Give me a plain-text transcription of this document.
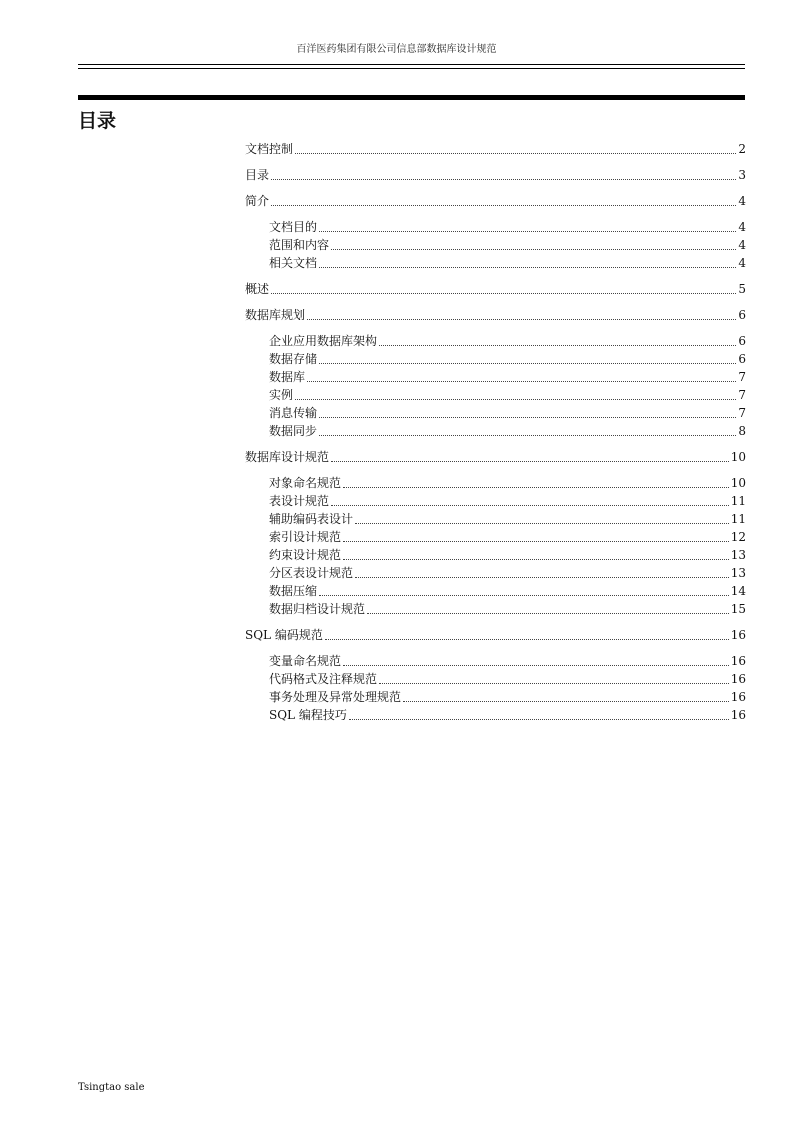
百洋医药集团有限公司信息部数据库设计规范
目录
文档控制	2
目录	3
简介	4
文档目的	4
范围和内容	4
相关文档	4
概述	5
数据库规划	6
企业应用数据库架构	6
数据存储	6
数据库	7
实例	7
消息传输	7
数据同步	8
数据库设计规范	10
对象命名规范	10
表设计规范	11
辅助编码表设计	11
索引设计规范	12
约束设计规范	13
分区表设计规范	13
数据压缩	14
数据归档设计规范	15
SQL 编码规范	16
变量命名规范	16
代码格式及注释规范	16
事务处理及异常处理规范	16
SQL 编程技巧	16
Tsingtao sale
